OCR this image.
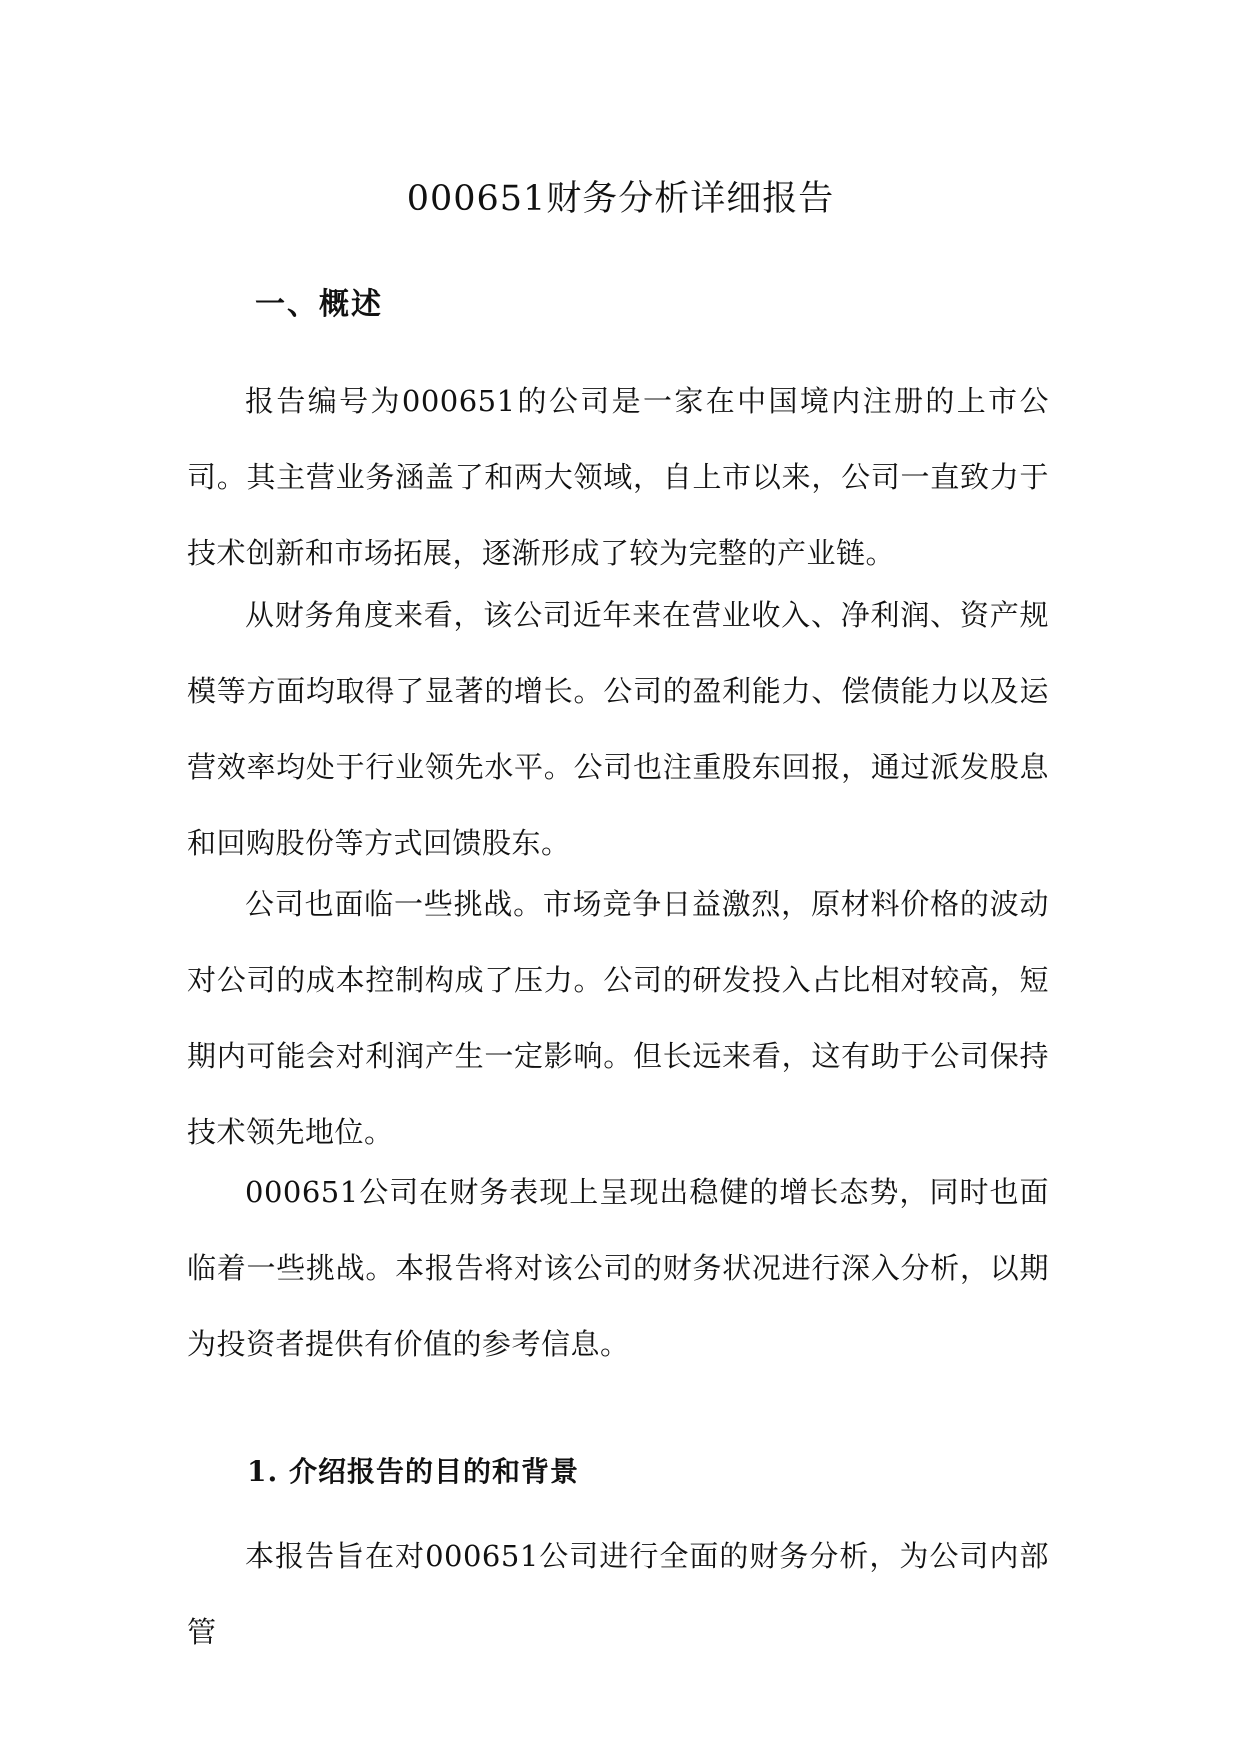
000651财务分析详细报告
一、概述

报告编号为000651的公司是一家在中国境内注册的上市公司。其主营业务涵盖了和两大领域，自上市以来，公司一直致力于技术创新和市场拓展，逐渐形成了较为完整的产业链。

从财务角度来看，该公司近年来在营业收入、净利润、资产规模等方面均取得了显著的增长。公司的盈利能力、偿债能力以及运营效率均处于行业领先水平。公司也注重股东回报，通过派发股息和回购股份等方式回馈股东。

公司也面临一些挑战。市场竞争日益激烈，原材料价格的波动对公司的成本控制构成了压力。公司的研发投入占比相对较高，短期内可能会对利润产生一定影响。但长远来看，这有助于公司保持技术领先地位。

000651公司在财务表现上呈现出稳健的增长态势，同时也面临着一些挑战。本报告将对该公司的财务状况进行深入分析，以期为投资者提供有价值的参考信息。

1. 介绍报告的目的和背景

本报告旨在对000651公司进行全面的财务分析，为公司内部管
